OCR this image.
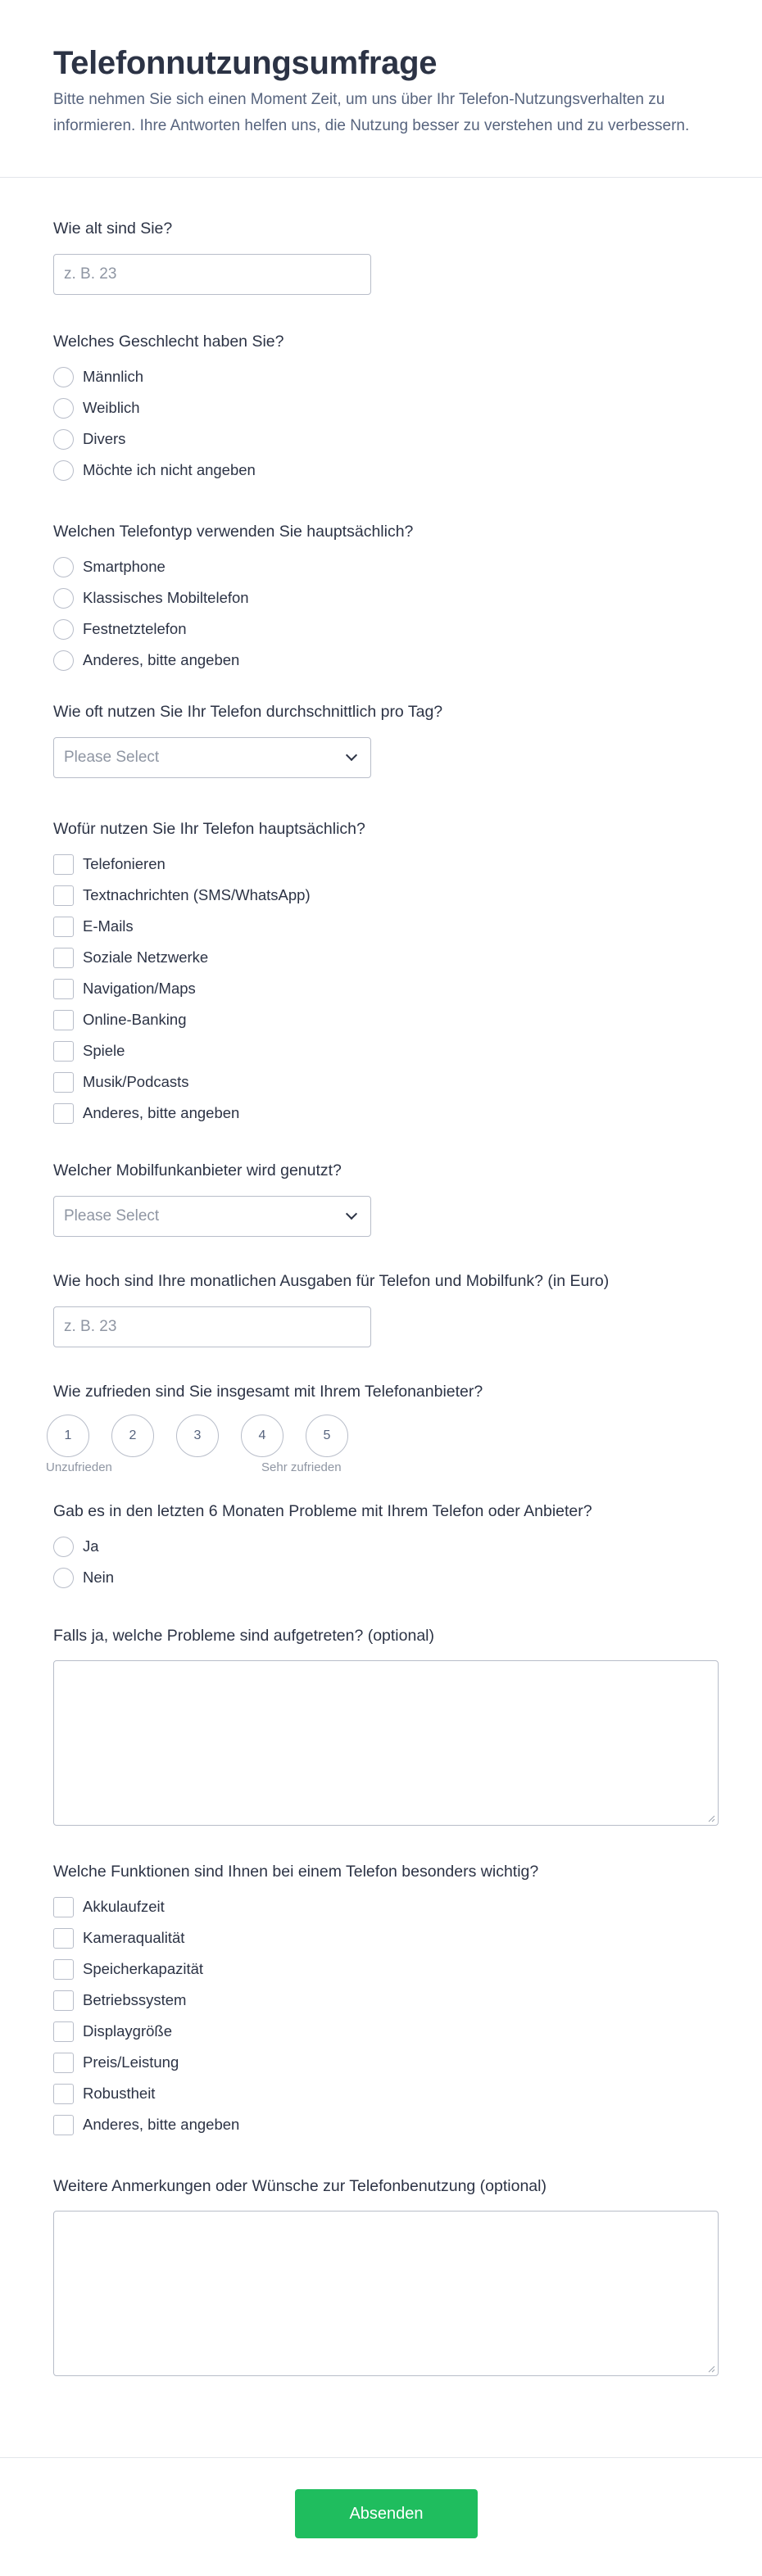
Telefonnutzungsumfrage

Bitte nehmen Sie sich einen Moment Zeit, um uns über Ihr Telefon-Nutzungsverhalten zu informieren. Ihre Antworten helfen uns, die Nutzung besser zu verstehen und zu verbessern.

Wie alt sind Sie?
z. B. 23
Welches Geschlecht haben Sie?
Männlich
Weiblich
Divers
Möchte ich nicht angeben
Welchen Telefontyp verwenden Sie hauptsächlich?
Smartphone
Klassisches Mobiltelefon
Festnetztelefon
Anderes, bitte angeben
Wie oft nutzen Sie Ihr Telefon durchschnittlich pro Tag?
Please Select
Wofür nutzen Sie Ihr Telefon hauptsächlich?
Telefonieren
Textnachrichten (SMS/WhatsApp)
E-Mails
Soziale Netzwerke
Navigation/Maps
Online-Banking
Spiele
Musik/Podcasts
Anderes, bitte angeben
Welcher Mobilfunkanbieter wird genutzt?
Please Select
Wie hoch sind Ihre monatlichen Ausgaben für Telefon und Mobilfunk? (in Euro)
z. B. 23
Wie zufrieden sind Sie insgesamt mit Ihrem Telefonanbieter?
1	2	3	4	5
Unzufrieden	Sehr zufrieden
Gab es in den letzten 6 Monaten Probleme mit Ihrem Telefon oder Anbieter?
Ja
Nein
Falls ja, welche Probleme sind aufgetreten? (optional)
Welche Funktionen sind Ihnen bei einem Telefon besonders wichtig?
Akkulaufzeit
Kameraqualität
Speicherkapazität
Betriebssystem
Displaygröße
Preis/Leistung
Robustheit
Anderes, bitte angeben
Weitere Anmerkungen oder Wünsche zur Telefonbenutzung (optional)
Absenden
